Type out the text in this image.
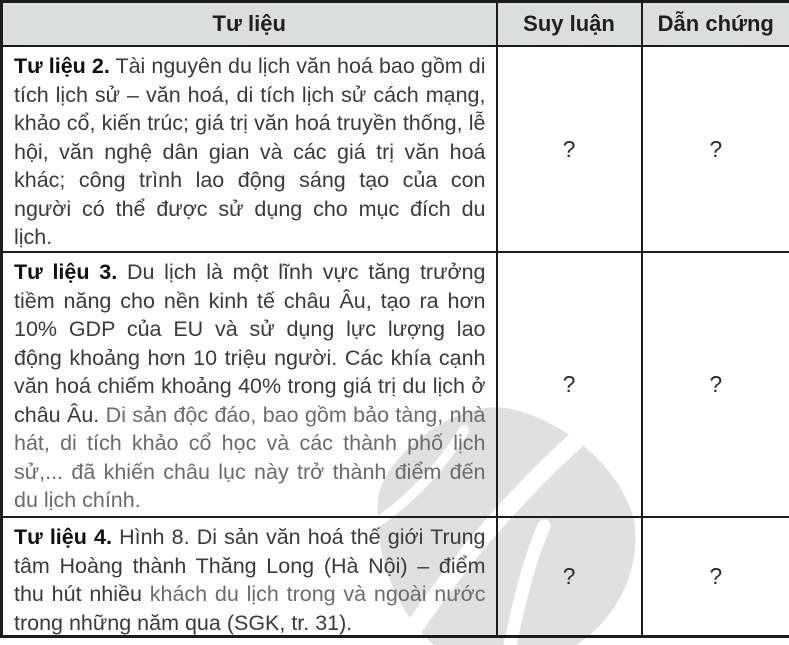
Tư liệu	Suy luận	Dẫn chứng

Tư liệu 2. Tài nguyên du lịch văn hoá bao gồm di tích lịch sử – văn hoá, di tích lịch sử cách mạng, khảo cổ, kiến trúc; giá trị văn hoá truyền thống, lễ hội, văn nghệ dân gian và các giá trị văn hoá khác; công trình lao động sáng tạo của con người có thể được sử dụng cho mục đích du lịch.	?	?

Tư liệu 3. Du lịch là một lĩnh vực tăng trưởng tiềm năng cho nền kinh tế châu Âu, tạo ra hơn 10% GDP của EU và sử dụng lực lượng lao động khoảng hơn 10 triệu người. Các khía cạnh văn hoá chiếm khoảng 40% trong giá trị du lịch ở châu Âu. Di sản độc đáo, bao gồm bảo tàng, nhà hát, di tích khảo cổ học và các thành phố lịch sử,... đã khiến châu lục này trở thành điểm đến du lịch chính.	?	?

Tư liệu 4. Hình 8. Di sản văn hoá thế giới Trung tâm Hoàng thành Thăng Long (Hà Nội) – điểm thu hút nhiều khách du lịch trong và ngoài nước trong những năm qua (SGK, tr. 31).	?	?
